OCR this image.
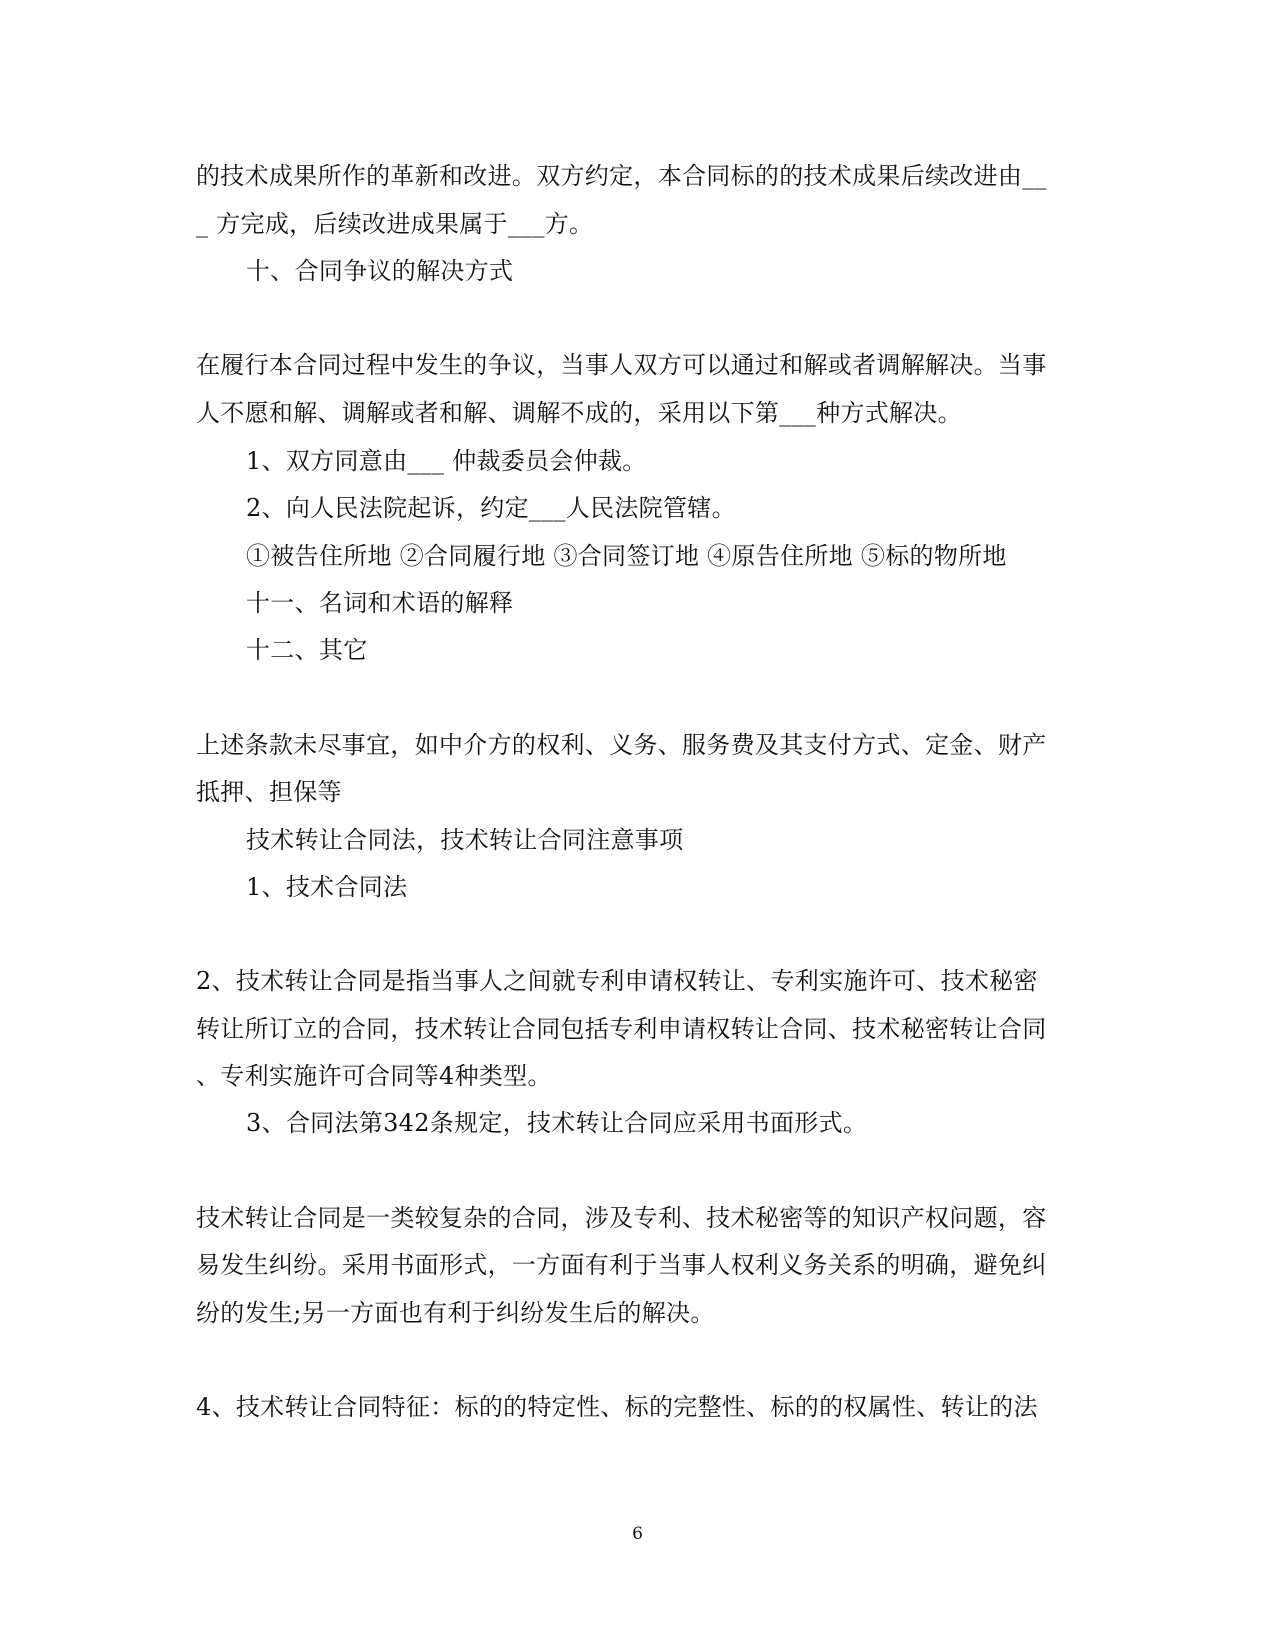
的技术成果所作的革新和改进。双方约定，本合同标的的技术成果后续改进由__
_ 方完成，后续改进成果属于___方。
十、合同争议的解决方式
在履行本合同过程中发生的争议，当事人双方可以通过和解或者调解解决。当事
人不愿和解、调解或者和解、调解不成的，采用以下第___种方式解决。
1、双方同意由___ 仲裁委员会仲裁。
2、向人民法院起诉，约定___人民法院管辖。
①被告住所地 ②合同履行地 ③合同签订地 ④原告住所地 ⑤标的物所地
十一、名词和术语的解释
十二、其它
上述条款未尽事宜，如中介方的权利、义务、服务费及其支付方式、定金、财产
抵押、担保等
技术转让合同法，技术转让合同注意事项
1、技术合同法
2、技术转让合同是指当事人之间就专利申请权转让、专利实施许可、技术秘密
转让所订立的合同，技术转让合同包括专利申请权转让合同、技术秘密转让合同
、专利实施许可合同等4种类型。
3、合同法第342条规定，技术转让合同应采用书面形式。
技术转让合同是一类较复杂的合同，涉及专利、技术秘密等的知识产权问题，容
易发生纠纷。采用书面形式，一方面有利于当事人权利义务关系的明确，避免纠
纷的发生;另一方面也有利于纠纷发生后的解决。
4、技术转让合同特征：标的的特定性、标的完整性、标的的权属性、转让的法
6
